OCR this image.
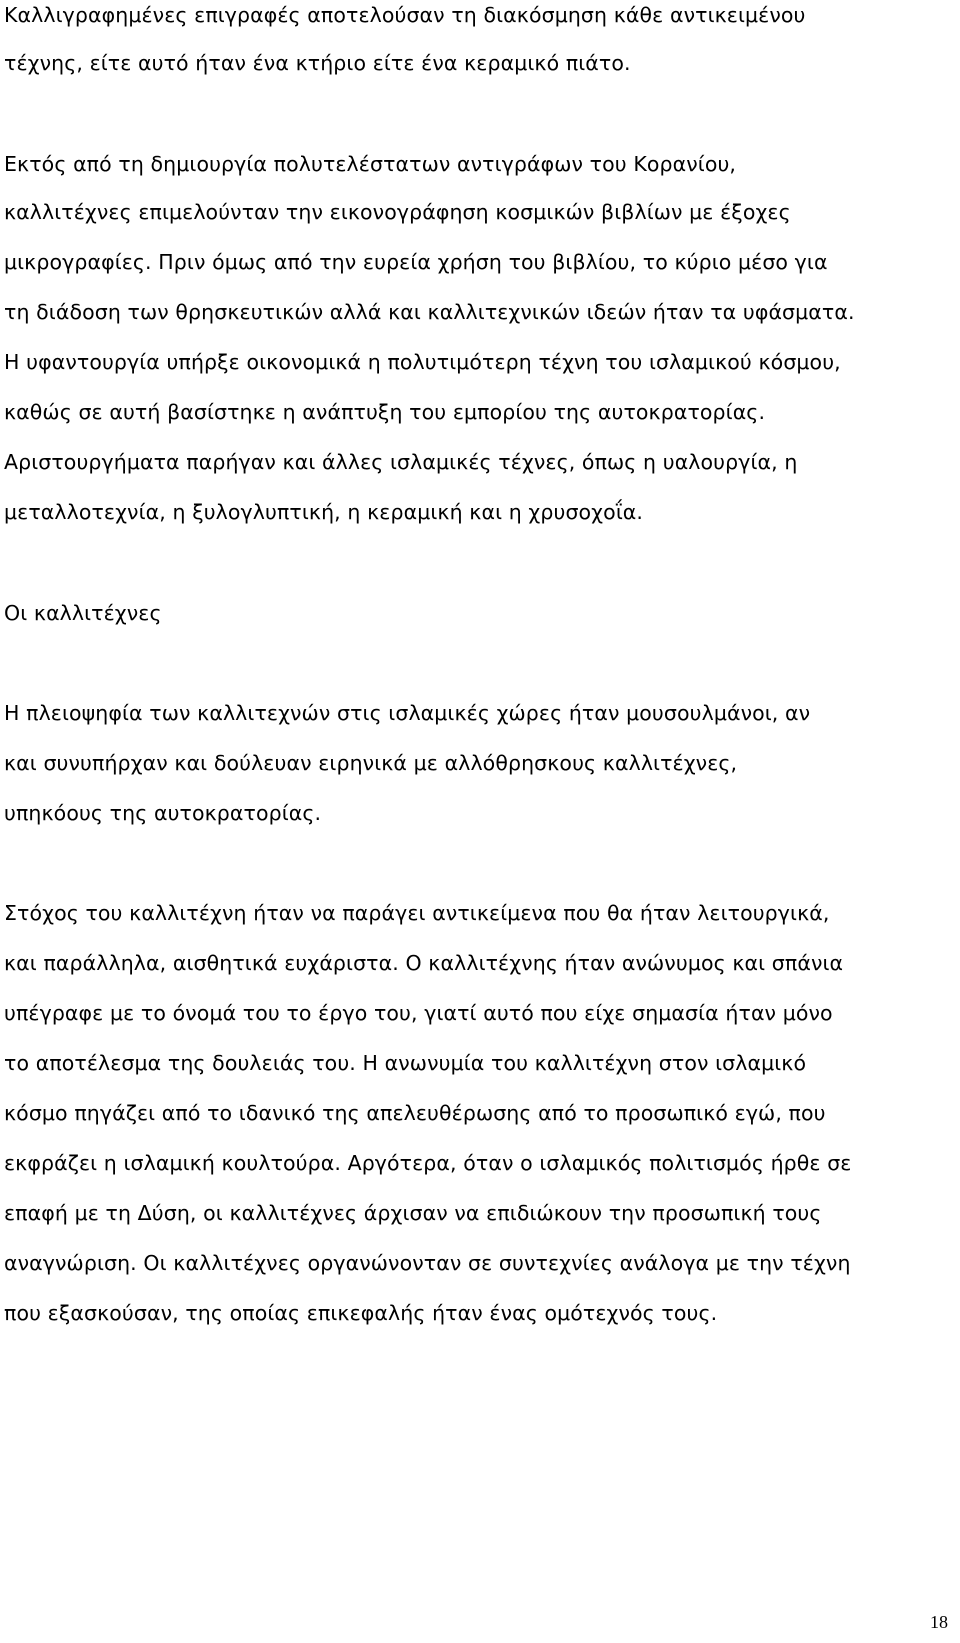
Καλλιγραφημένες επιγραφές αποτελούσαν τη διακόσμηση κάθε αντικειμένου
τέχνης, είτε αυτό ήταν ένα κτήριο είτε ένα κεραμικό πιάτο.
Εκτός από τη δημιουργία πολυτελέστατων αντιγράφων του Κορανίου,
καλλιτέχνες επιμελούνταν την εικονογράφηση κοσμικών βιβλίων με έξοχες
μικρογραφίες. Πριν όμως από την ευρεία χρήση του βιβλίου, το κύριο μέσο για
τη διάδοση των θρησκευτικών αλλά και καλλιτεχνικών ιδεών ήταν τα υφάσματα.
Η υφαντουργία υπήρξε οικονομικά η πολυτιμότερη τέχνη του ισλαμικού κόσμου,
καθώς σε αυτή βασίστηκε η ανάπτυξη του εμπορίου της αυτοκρατορίας.
Αριστουργήματα παρήγαν και άλλες ισλαμικές τέχνες, όπως η υαλουργία, η
μεταλλοτεχνία, η ξυλογλυπτική, η κεραμική και η χρυσοχοΐα.
Οι καλλιτέχνες
Η πλειοψηφία των καλλιτεχνών στις ισλαμικές χώρες ήταν μουσουλμάνοι, αν
και συνυπήρχαν και δούλευαν ειρηνικά με αλλόθρησκους καλλιτέχνες,
υπηκόους της αυτοκρατορίας.
Στόχος του καλλιτέχνη ήταν να παράγει αντικείμενα που θα ήταν λειτουργικά,
και παράλληλα, αισθητικά ευχάριστα. Ο καλλιτέχνης ήταν ανώνυμος και σπάνια
υπέγραφε με το όνομά του το έργο του, γιατί αυτό που είχε σημασία ήταν μόνο
το αποτέλεσμα της δουλειάς του. Η ανωνυμία του καλλιτέχνη στον ισλαμικό
κόσμο πηγάζει από το ιδανικό της απελευθέρωσης από το προσωπικό εγώ, που
εκφράζει η ισλαμική κουλτούρα. Αργότερα, όταν ο ισλαμικός πολιτισμός ήρθε σε
επαφή με τη Δύση, οι καλλιτέχνες άρχισαν να επιδιώκουν την προσωπική τους
αναγνώριση. Οι καλλιτέχνες οργανώνονταν σε συντεχνίες ανάλογα με την τέχνη
που εξασκούσαν, της οποίας επικεφαλής ήταν ένας ομότεχνός τους.
18
